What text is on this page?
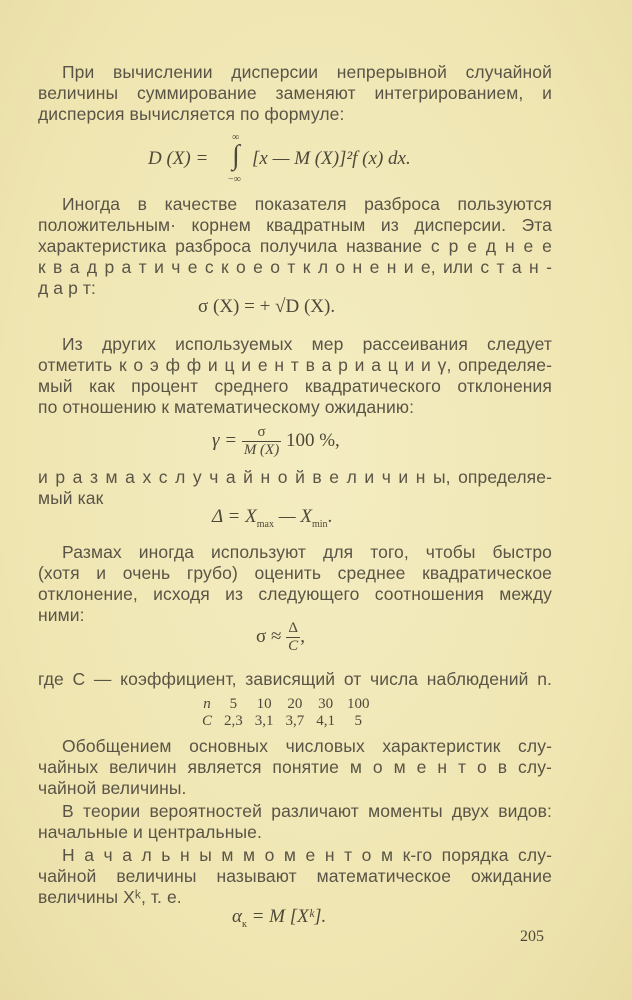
При вычислении дисперсии непрерывной случайной
величины суммирование заменяют интегрированием, и
дисперсия вычисляется по формуле:
Иногда в качестве показателя разброса пользуются
положительным· корнем квадратным из дисперсии. Эта
характеристика разброса получила название с р е д н е е
к в а д р а т и ч е с к о е о т к л о н е н и е, или с т а н -
д а р т:
Из других используемых мер рассеивания следует
отметить к о э ф ф и ц и е н т в а р и а ц и и γ, определяе-
мый как процент среднего квадратического отклонения
по отношению к математическому ожиданию:
и р а з м а х с л у ч а й н о й в е л и ч и н ы, определяе-
мый как
Размах иногда используют для того, чтобы быстро
(хотя и очень грубо) оценить среднее квадратическое
отклонение, исходя из следующего соотношения между
ними:
где C — коэффициент, зависящий от числа наблюдений n.
Обобщением основных числовых характеристик слу-
чайных величин является понятие м о м е н т о в слу-
чайной величины.
В теории вероятностей различают моменты двух видов:
начальные и центральные.
Н а ч а л ь н ы м м о м е н т о м к-го порядка слу-
чайной величины называют математическое ожидание
величины Xᵏ, т. е.
D (X) =
∞
∫
−∞
[x — M (X)]²f (x) dx.
σ (X) = + √D (X).
$\gamma = \frac{\sigma}{M (X)} 100$ %,
$\Delta = X_{max}$ — $X_{min}$.
$\sigma \approx \frac{\Delta}{C}$ ,
n	5	10	20	30	100
C	2,3	3,1	3,7	4,1	5
$\alpha_к = M$ [Xᵏ].
205
